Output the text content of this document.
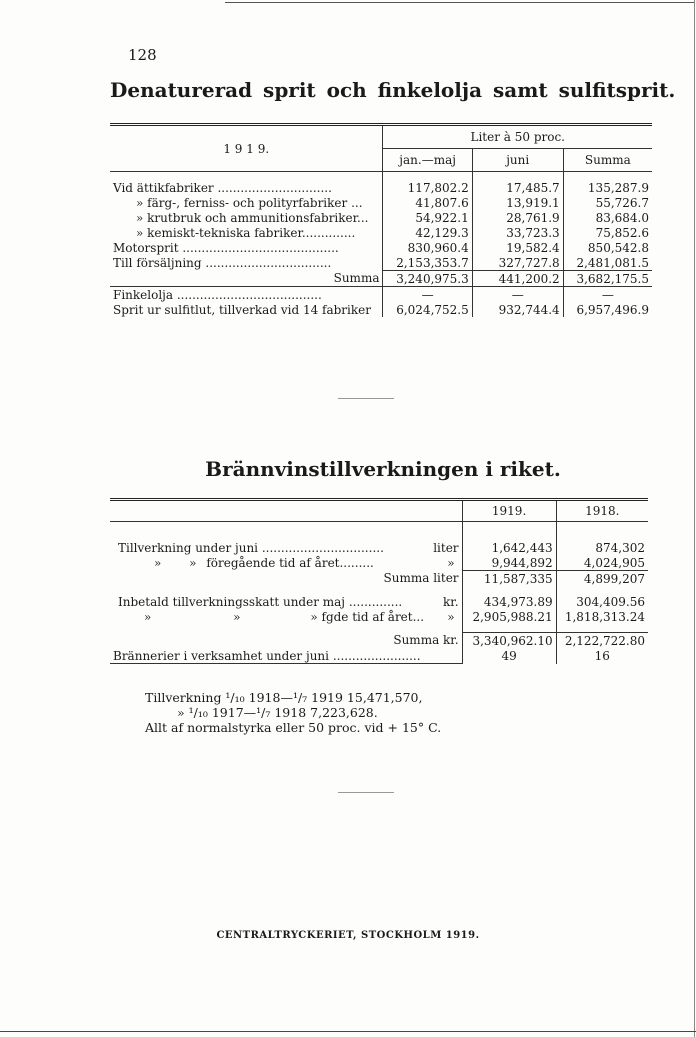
128
Denaturerad sprit och finkelolja samt sulfitsprit.
1 9 1 9.	Liter à 50 proc.		
	jan.—maj	juni	Summa

Vid ättikfabriker ..............................	117,802.2	17,485.7	135,287.9
» färg-, ferniss- och polityrfabriker ...	41,807.6	13,919.1	55,726.7
» krutbruk och ammunitionsfabriker...	54,922.1	28,761.9	83,684.0
» kemiskt-tekniska fabriker..............	42,129.3	33,723.3	75,852.6
Motorsprit .........................................	830,960.4	19,582.4	850,542.8
Till försäljning .................................	2,153,353.7	327,727.8	2,481,081.5
Summa	3,240,975.3	441,200.2	3,682,175.5
Finkelolja ......................................	—	—	—
Sprit ur sulfitlut, tillverkad vid 14 fabriker	6,024,752.5	932,744.4	6,957,496.9
Brännvinstillverkningen i riket.
	1919.	1918.

Tillverkning under juni ................................ liter	1,642,443	874,302
» » föregående tid af året......... »	9,944,892	4,024,905
Summa liter	11,587,335	4,899,207

Inbetald tillverkningsskatt under maj .............. kr.	434,973.89	304,409.56
» » » fgde tid af året... »	2,905,988.21	1,818,313.24

Summa kr.	3,340,962.10	2,122,722.80
Brännerier i verksamhet under juni .......................	49	16
Tillverkning ¹/₁₀ 1918—¹/₇ 1919 15,471,570,
» ¹/₁₀ 1917—¹/₇ 1918 7,223,628.
Allt af normalstyrka eller 50 proc. vid + 15° C.
CENTRALTRYCKERIET, STOCKHOLM 1919.
